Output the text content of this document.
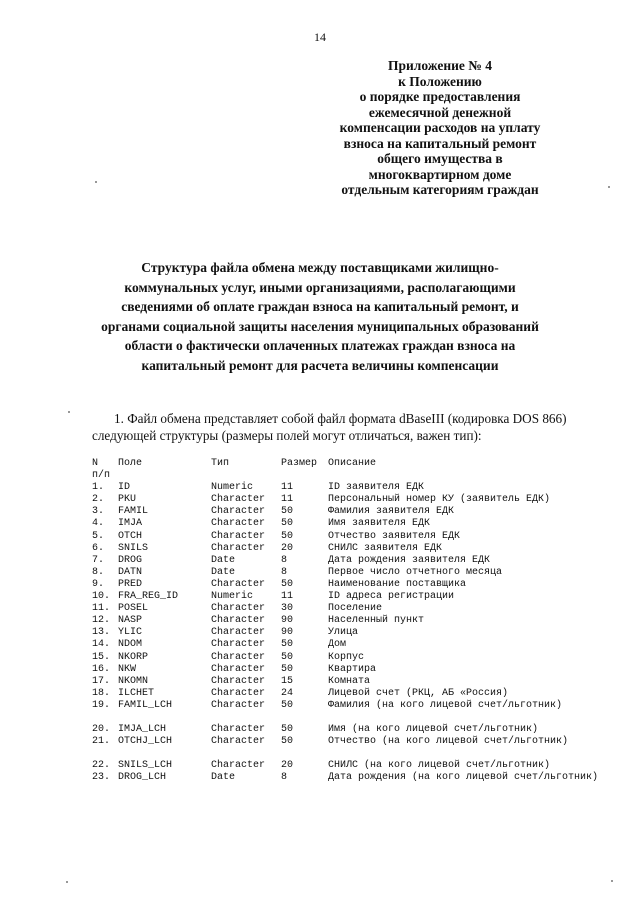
14
Приложение № 4
к Положению
о порядке предоставления
ежемесячной денежной
компенсации расходов на уплату
взноса на капитальный ремонт
общего имущества в
многоквартирном доме
отдельным категориям граждан
Структура файла обмена между поставщиками жилищно-
коммунальных услуг, иными организациями, располагающими
сведениями об оплате граждан взноса на капитальный ремонт, и
органами социальной защиты населения муниципальных образований
области о фактически оплаченных платежах граждан взноса на
капитальный ремонт для расчета величины компенсации
1. Файл обмена представляет собой файл формата dBaseIII (кодировка DOS 866)
следующей структуры (размеры полей могут отличаться, важен тип):
N Поле	Тип	Размер Описание
п/п
1. ID	Numeric	11	ID заявителя ЕДК
2. PKU	Character 11	Персональный номер КУ (заявитель ЕДК)
3. FAMIL	Character 50	Фамилия заявителя ЕДК
4. IMJA	Character 50	Имя заявителя ЕДК
5. OTCH	Character 50	Отчество заявителя ЕДК
6. SNILS	Character 20	СНИЛС заявителя ЕДК
7. DROG	Date	8	Дата рождения заявителя ЕДК
8. DATN	Date	8	Первое число отчетного месяца
9. PRED	Character 50	Наименование поставщика
10. FRA_REG_ID	Numeric	11	ID адреса регистрации
11. POSEL	Character 30	Поселение
12. NASP	Character 90	Населенный пункт
13. YLIC	Character 90	Улица
14. NDOM	Character 50	Дом
15. NKORP	Character 50	Корпус
16. NKW	Character 50	Квартира
17. NKOMN	Character 15	Комната
18. ILCHET	Character 24	Лицевой счет (РКЦ, АБ «Россия)
19. FAMIL_LCH	Character 50	Фамилия (на кого лицевой счет/льготник)
20. IMJA_LCH	Character 50	Имя (на кого лицевой счет/льготник)
21. OTCHJ_LCH	Character 50	Отчество (на кого лицевой счет/льготник)
22. SNILS_LCH	Character 20	СНИЛС (на кого лицевой счет/льготник)
23. DROG_LCH	Date	8	Дата рождения (на кого лицевой счет/льготник)
